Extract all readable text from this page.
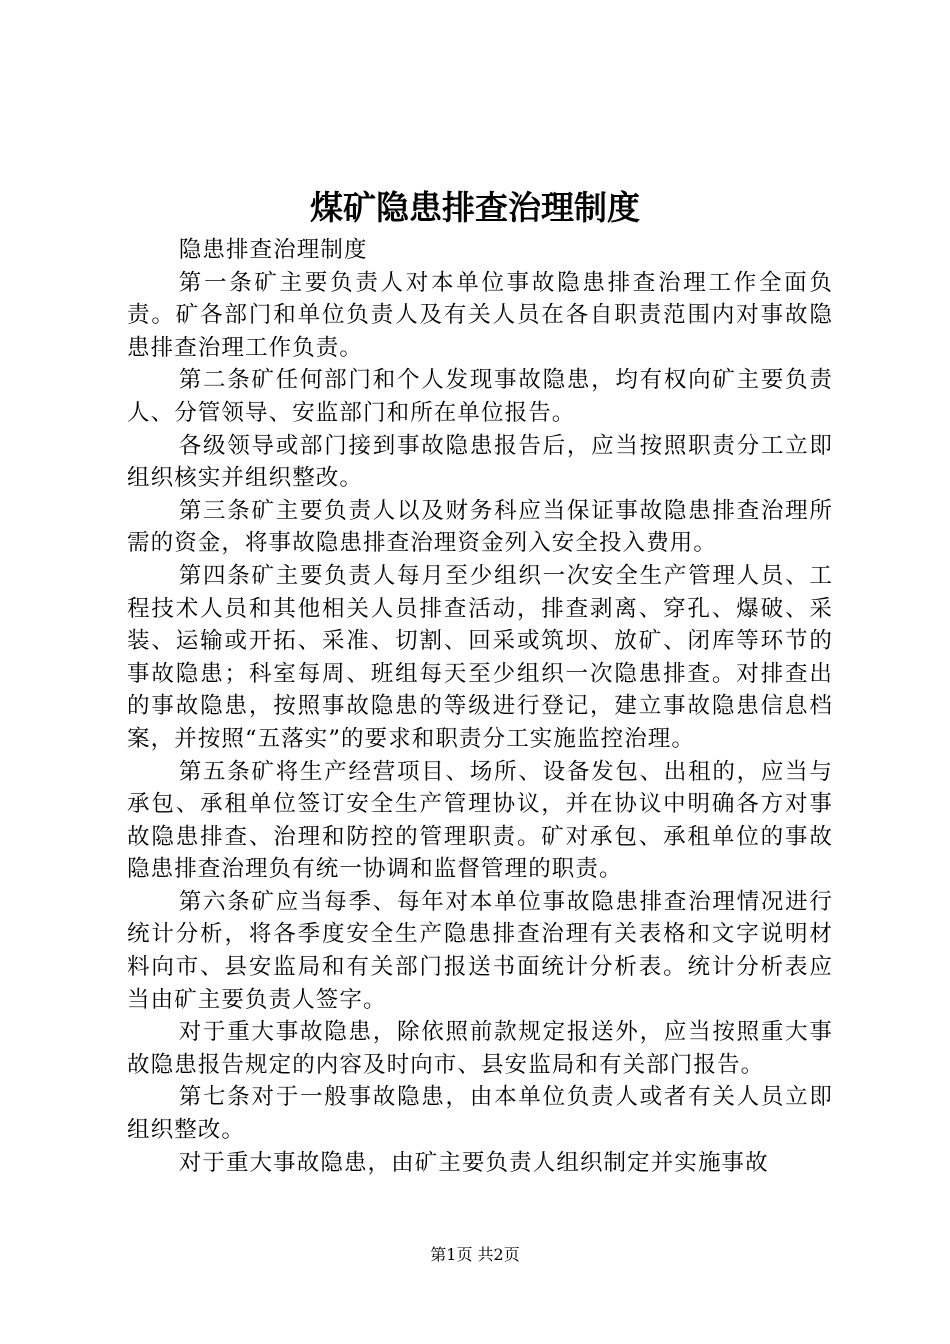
煤矿隐患排查治理制度

隐患排查治理制度

第一条矿主要负责人对本单位事故隐患排查治理工作全面负责。矿各部门和单位负责人及有关人员在各自职责范围内对事故隐患排查治理工作负责。

第二条矿任何部门和个人发现事故隐患，均有权向矿主要负责人、分管领导、安监部门和所在单位报告。

各级领导或部门接到事故隐患报告后，应当按照职责分工立即组织核实并组织整改。

第三条矿主要负责人以及财务科应当保证事故隐患排查治理所需的资金，将事故隐患排查治理资金列入安全投入费用。

第四条矿主要负责人每月至少组织一次安全生产管理人员、工程技术人员和其他相关人员排查活动，排查剥离、穿孔、爆破、采装、运输或开拓、采准、切割、回采或筑坝、放矿、闭库等环节的事故隐患；科室每周、班组每天至少组织一次隐患排查。对排查出的事故隐患，按照事故隐患的等级进行登记，建立事故隐患信息档案，并按照“五落实”的要求和职责分工实施监控治理。

第五条矿将生产经营项目、场所、设备发包、出租的，应当与承包、承租单位签订安全生产管理协议，并在协议中明确各方对事故隐患排查、治理和防控的管理职责。矿对承包、承租单位的事故隐患排查治理负有统一协调和监督管理的职责。

第六条矿应当每季、每年对本单位事故隐患排查治理情况进行统计分析，将各季度安全生产隐患排查治理有关表格和文字说明材料向市、县安监局和有关部门报送书面统计分析表。统计分析表应当由矿主要负责人签字。

对于重大事故隐患，除依照前款规定报送外，应当按照重大事故隐患报告规定的内容及时向市、县安监局和有关部门报告。

第七条对于一般事故隐患，由本单位负责人或者有关人员立即组织整改。

对于重大事故隐患，由矿主要负责人组织制定并实施事故

第1页 共2页
